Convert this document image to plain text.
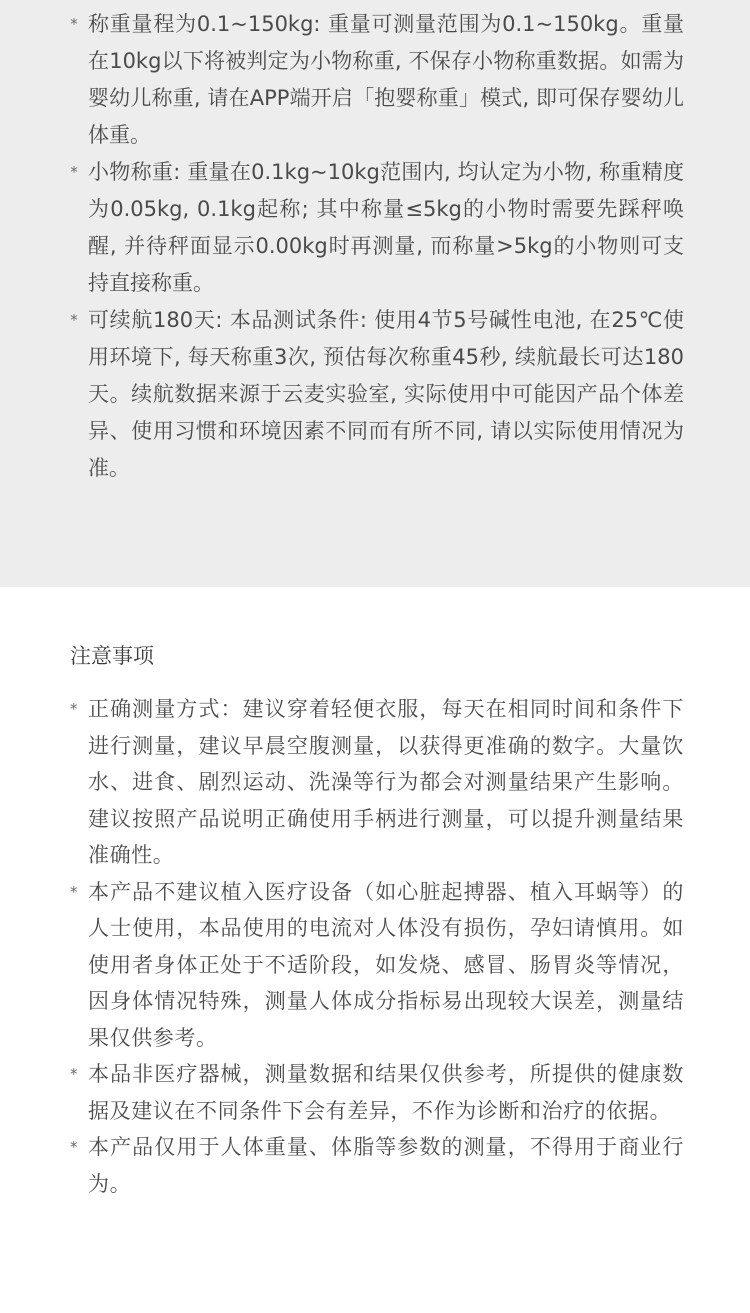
* 称重量程为0.1~150kg: 重量可测量范围为0.1~150kg。重量在10kg以下将被判定为小物称重, 不保存小物称重数据。如需为婴幼儿称重, 请在APP端开启「抱婴称重」模式, 即可保存婴幼儿体重。
* 小物称重: 重量在0.1kg~10kg范围内, 均认定为小物, 称重精度为0.05kg, 0.1kg起称; 其中称量≤5kg的小物时需要先踩秤唤醒, 并待秤面显示0.00kg时再测量, 而称量>5kg的小物则可支持直接称重。
* 可续航180天: 本品测试条件: 使用4节5号碱性电池, 在25℃使用环境下, 每天称重3次, 预估每次称重45秒, 续航最长可达180天。续航数据来源于云麦实验室, 实际使用中可能因产品个体差异、使用习惯和环境因素不同而有所不同, 请以实际使用情况为准。
注意事项
* 正确测量方式：建议穿着轻便衣服，每天在相同时间和条件下进行测量，建议早晨空腹测量，以获得更准确的数字。大量饮水、进食、剧烈运动、洗澡等行为都会对测量结果产生影响。建议按照产品说明正确使用手柄进行测量，可以提升测量结果准确性。
* 本产品不建议植入医疗设备（如心脏起搏器、植入耳蜗等）的人士使用，本品使用的电流对人体没有损伤，孕妇请慎用。如使用者身体正处于不适阶段，如发烧、感冒、肠胃炎等情况，因身体情况特殊，测量人体成分指标易出现较大误差，测量结果仅供参考。
* 本品非医疗器械，测量数据和结果仅供参考，所提供的健康数据及建议在不同条件下会有差异，不作为诊断和治疗的依据。
* 本产品仅用于人体重量、体脂等参数的测量，不得用于商业行为。
